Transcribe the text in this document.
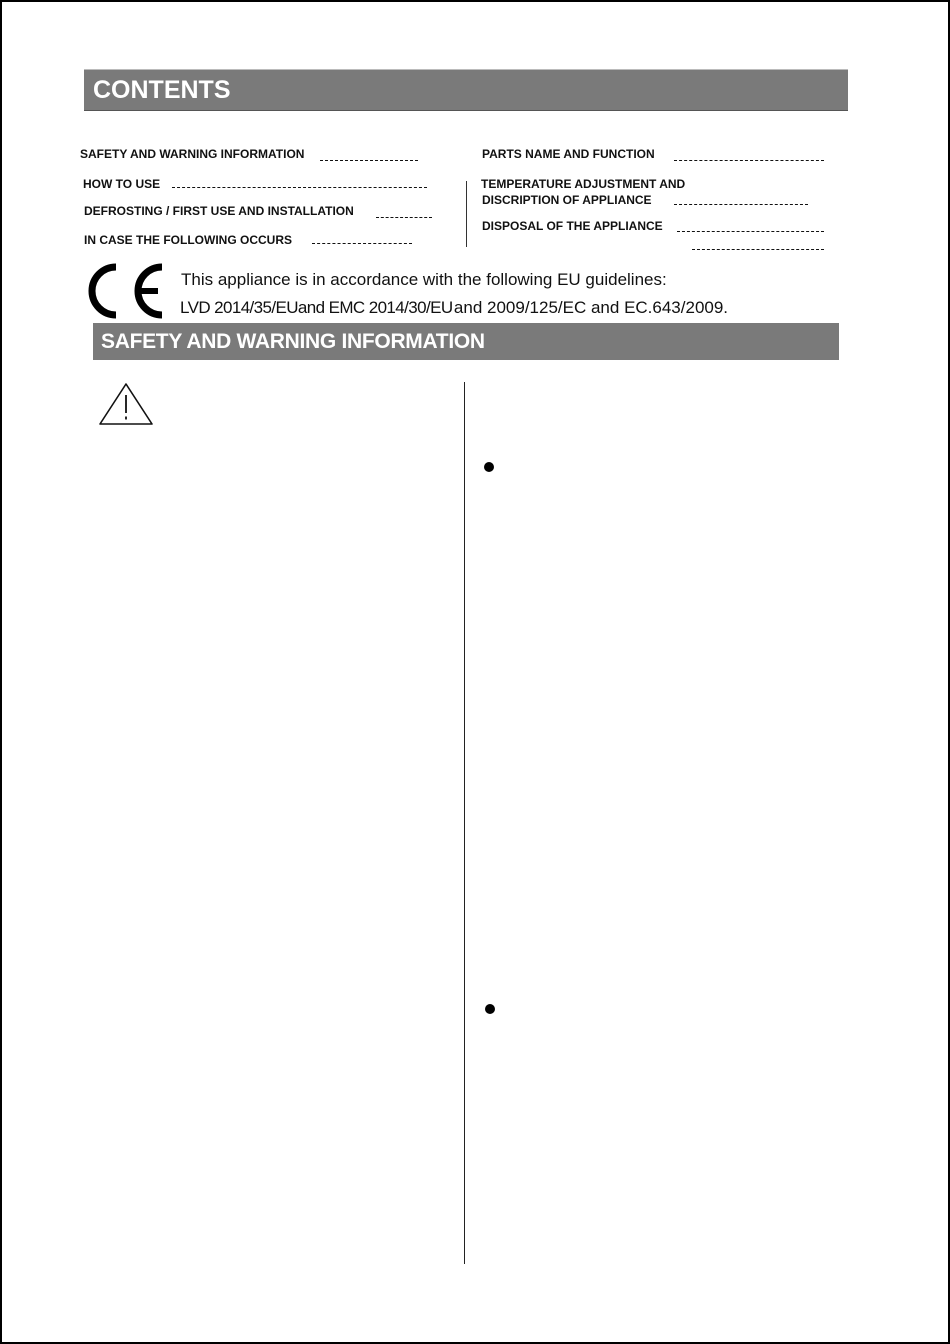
CONTENTS
SAFETY AND WARNING INFORMATION
HOW TO USE
DEFROSTING / FIRST USE AND INSTALLATION
IN CASE THE FOLLOWING OCCURS
PARTS NAME AND FUNCTION
TEMPERATURE ADJUSTMENT AND
DISCRIPTION OF APPLIANCE
DISPOSAL OF THE APPLIANCE
This appliance is in accordance with the following EU guidelines:
LVD 2014/35/EUand EMC 2014/30/EU and 2009/125/EC and EC.643/2009.
SAFETY AND WARNING INFORMATION
